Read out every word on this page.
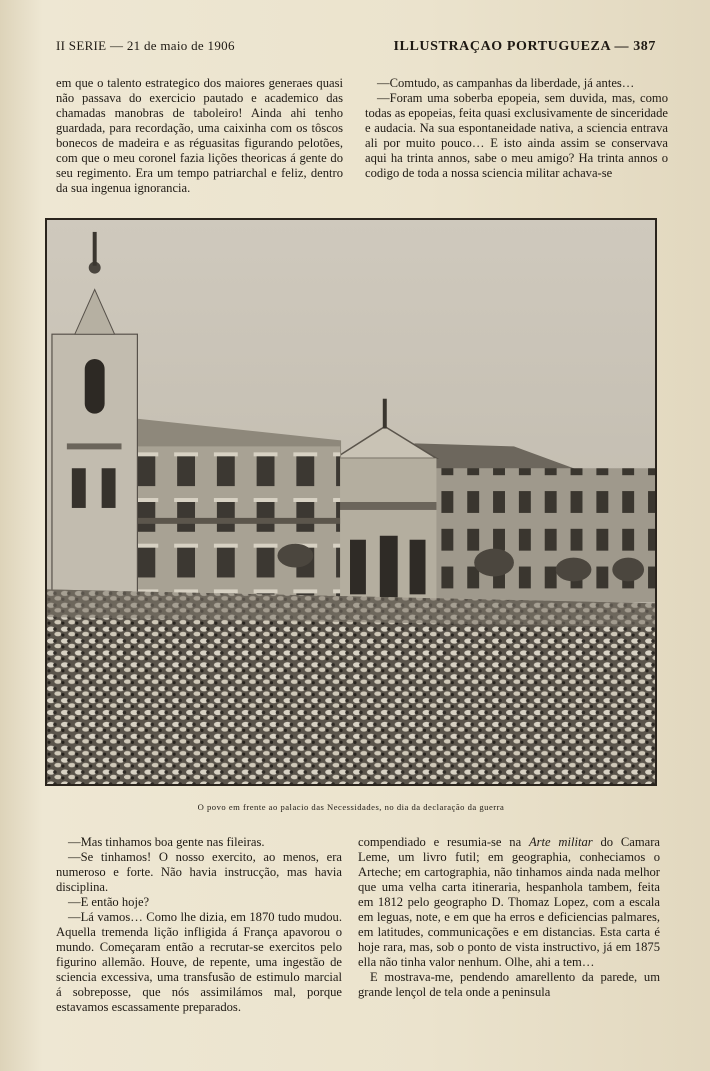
II SERIE — 21 de maio de 1906	ILLUSTRAÇAO PORTUGUEZA — 387

em que o talento estrategico dos maiores generaes quasi não passava do exercicio pautado e academico das chamadas manobras de taboleiro! Ainda ahi tenho guardada, para recordação, uma caixinha com os tôscos bonecos de madeira e as réguasitas figurando pelotões, com que o meu coronel fazia lições theoricas á gente do seu regimento. Era um tempo patriarchal e feliz, dentro da sua ingenua ignorancia.

—Comtudo, as campanhas da liberdade, já antes…

—Foram uma soberba epopeia, sem duvida, mas, como todas as epopeias, feita quasi exclusivamente de sinceridade e audacia. Na sua espontaneidade nativa, a sciencia entrava ali por muito pouco… E isto ainda assim se conservava aqui ha trinta annos, sabe o meu amigo? Ha trinta annos o codigo de toda a nossa sciencia militar achava-se

O povo em frente ao palacio das Necessidades, no dia da declaração da guerra

—Mas tinhamos boa gente nas fileiras.

—Se tinhamos! O nosso exercito, ao menos, era numeroso e forte. Não havia instrucção, mas havia disciplina.

—E então hoje?

—Lá vamos… Como lhe dizia, em 1870 tudo mudou. Aquella tremenda lição infligida á França apavorou o mundo. Começaram então a recrutar-se exercitos pelo figurino allemão. Houve, de repente, uma ingestão de sciencia excessiva, uma transfusão de estimulo marcial á sobreposse, que nós assimilámos mal, porque estavamos escassamente preparados.

compendiado e resumia-se na Arte militar do Camara Leme, um livro futil; em geographia, conheciamos o Arteche; em cartographia, não tinhamos ainda nada melhor que uma velha carta itineraria, hespanhola tambem, feita em 1812 pelo geographo D. Thomaz Lopez, com a escala em leguas, note, e em que ha erros e deficiencias palmares, em latitudes, communicações e em distancias. Esta carta é hoje rara, mas, sob o ponto de vista instructivo, já em 1875 ella não tinha valor nenhum. Olhe, ahi a tem…

E mostrava-me, pendendo amarellento da parede, um grande lençol de tela onde a peninsula
